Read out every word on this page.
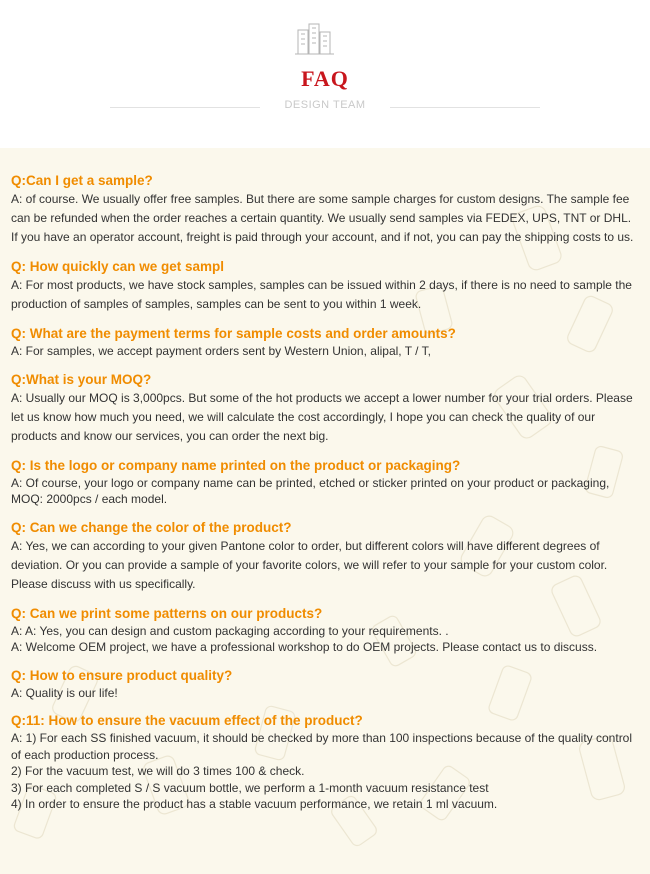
FAQ
DESIGN TEAM

Q:Can I get a sample?

A: of course. We usually offer free samples. But there are some sample charges for custom designs. The sample fee can be refunded when the order reaches a certain quantity. We usually send samples via FEDEX, UPS, TNT or DHL. If you have an operator account, freight is paid through your account, and if not, you can pay the shipping costs to us.

Q: How quickly can we get sampl

A: For most products, we have stock samples, samples can be issued within 2 days, if there is no need to sample the production of samples of samples, samples can be sent to you within 1 week.

Q: What are the payment terms for sample costs and order amounts?

A: For samples, we accept payment orders sent by Western Union, alipal, T / T,

Q:What is your MOQ?

A: Usually our MOQ is 3,000pcs. But some of the hot products we accept a lower number for your trial orders. Please let us know how much you need, we will calculate the cost accordingly, I hope you can check the quality of our products and know our services, you can order the next big.

Q: Is the logo or company name printed on the product or packaging?

A: Of course, your logo or company name can be printed, etched or sticker printed on your product or packaging, MOQ: 2000pcs / each model.

Q: Can we change the color of the product?

A: Yes, we can according to your given Pantone color to order, but different colors will have different degrees of deviation. Or you can provide a sample of your favorite colors, we will refer to your sample for your custom color. Please discuss with us specifically.

Q: Can we print some patterns on our products?

A: A: Yes, you can design and custom packaging according to your requirements. .

A: Welcome OEM project, we have a professional workshop to do OEM projects. Please contact us to discuss.

Q: How to ensure product quality?

A: Quality is our life!

Q:11: How to ensure the vacuum effect of the product?

A: 1) For each SS finished vacuum, it should be checked by more than 100 inspections because of the quality control of each production process.

2) For the vacuum test, we will do 3 times 100 & check.

3) For each completed S / S vacuum bottle, we perform a 1-month vacuum resistance test

4) In order to ensure the product has a stable vacuum performance, we retain 1 ml vacuum.
